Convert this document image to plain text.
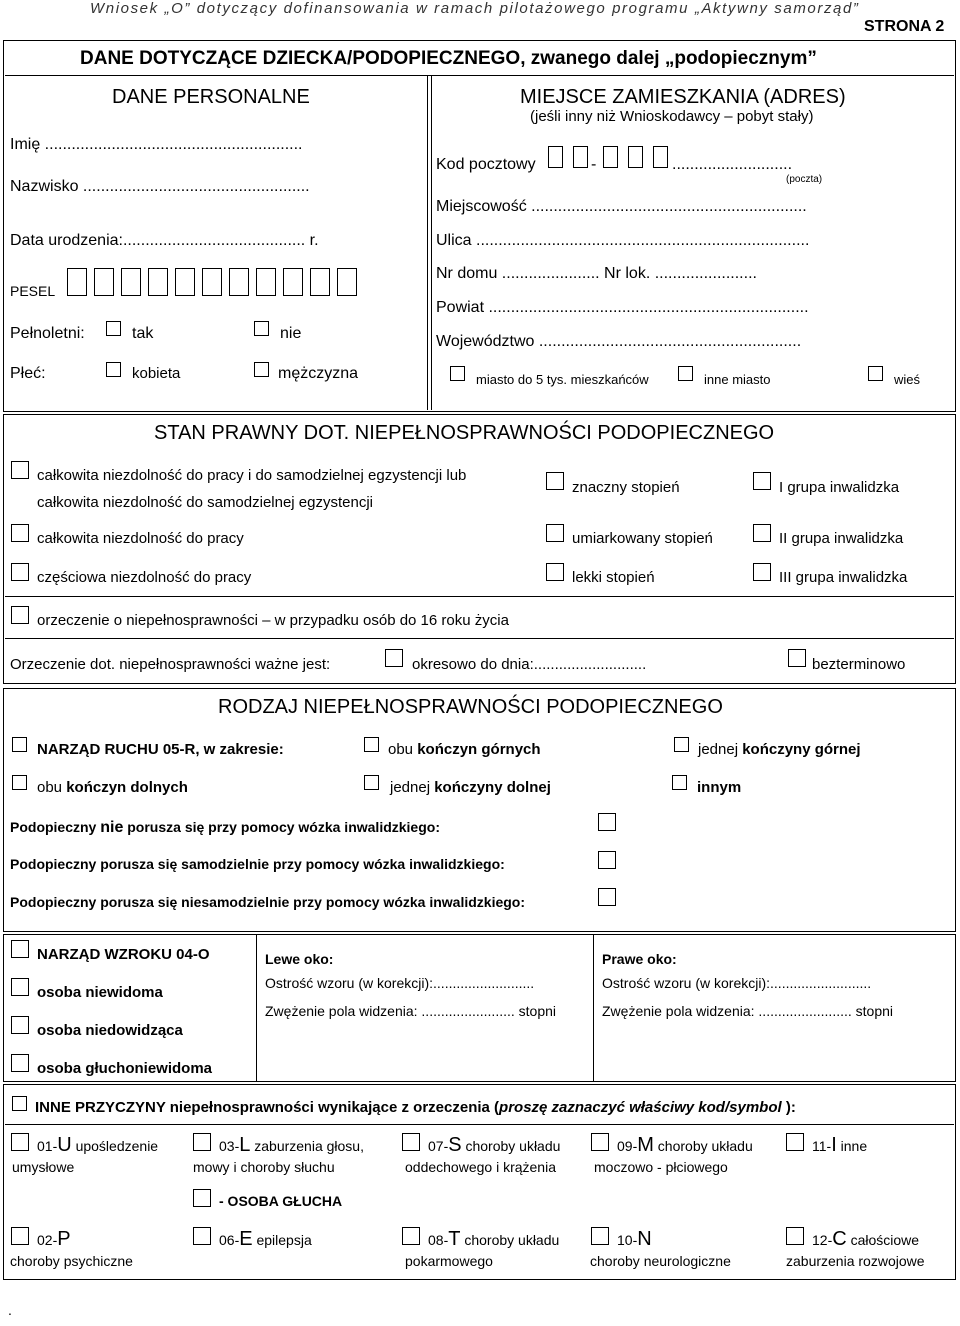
Wniosek „O” dotyczący dofinansowania w ramach pilotażowego programu „Aktywny samorząd”
STRONA 2
DANE DOTYCZĄCE DZIECKA/PODOPIECZNEGO, zwanego dalej „podopiecznym”
DANE PERSONALNE
Imię ..........................................................
Nazwisko ...................................................
Data urodzenia:......................................... r.
PESEL
Pełnoletni:	tak	nie
Płeć:	kobieta	mężczyzna
MIEJSCE ZAMIESZKANIA (ADRES)
(jeśli inny niż Wnioskodawcy – pobyt stały)
Kod pocztowy	-	...........................
(poczta)
Miejscowość ..............................................................
Ulica ...........................................................................
Nr domu ...................... Nr lok. .......................
Powiat ........................................................................
Województwo ...........................................................
miasto do 5 tys. mieszkańców	inne miasto	wieś
STAN PRAWNY DOT. NIEPEŁNOSPRAWNOŚCI PODOPIECZNEGO
całkowita niezdolność do pracy i do samodzielnej egzystencji lub
całkowita niezdolność do samodzielnej egzystencji
znaczny stopień	I grupa inwalidzka
całkowita niezdolność do pracy	umiarkowany stopień	II grupa inwalidzka
częściowa niezdolność do pracy	lekki stopień	III grupa inwalidzka
orzeczenie o niepełnosprawności – w przypadku osób do 16 roku życia
Orzeczenie dot. niepełnosprawności ważne jest:	okresowo do dnia:...........................	bezterminowo
RODZAJ NIEPEŁNOSPRAWNOŚCI PODOPIECZNEGO
NARZĄD RUCHU 05-R, w zakresie:	obu kończyn górnych	jednej kończyny górnej
obu kończyn dolnych	jednej kończyny dolnej	innym
Podopieczny nie porusza się przy pomocy wózka inwalidzkiego:
Podopieczny porusza się samodzielnie przy pomocy wózka inwalidzkiego:
Podopieczny porusza się niesamodzielnie przy pomocy wózka inwalidzkiego:
NARZĄD WZROKU 04-O
osoba niewidoma
osoba niedowidząca
osoba głuchoniewidoma
Lewe oko:
Ostrość wzoru (w korekcji):..........................
Zwężenie pola widzenia: ........................ stopni
Prawe oko:
Ostrość wzoru (w korekcji):..........................
Zwężenie pola widzenia: ........................ stopni
INNE PRZYCZYNY niepełnosprawności wynikające z orzeczenia (proszę zaznaczyć właściwy kod/symbol ):
01-U upośledzenie
umysłowe
03-L zaburzenia głosu,
mowy i choroby słuchu
07-S choroby układu
oddechowego i krążenia
09-M choroby układu
moczowo - płciowego
11-I inne
- OSOBA GŁUCHA
02-P
choroby psychiczne
06-E epilepsja	08-T choroby układu
pokarmowego
10-N
choroby neurologiczne
12-C całościowe
zaburzenia rozwojowe
.
